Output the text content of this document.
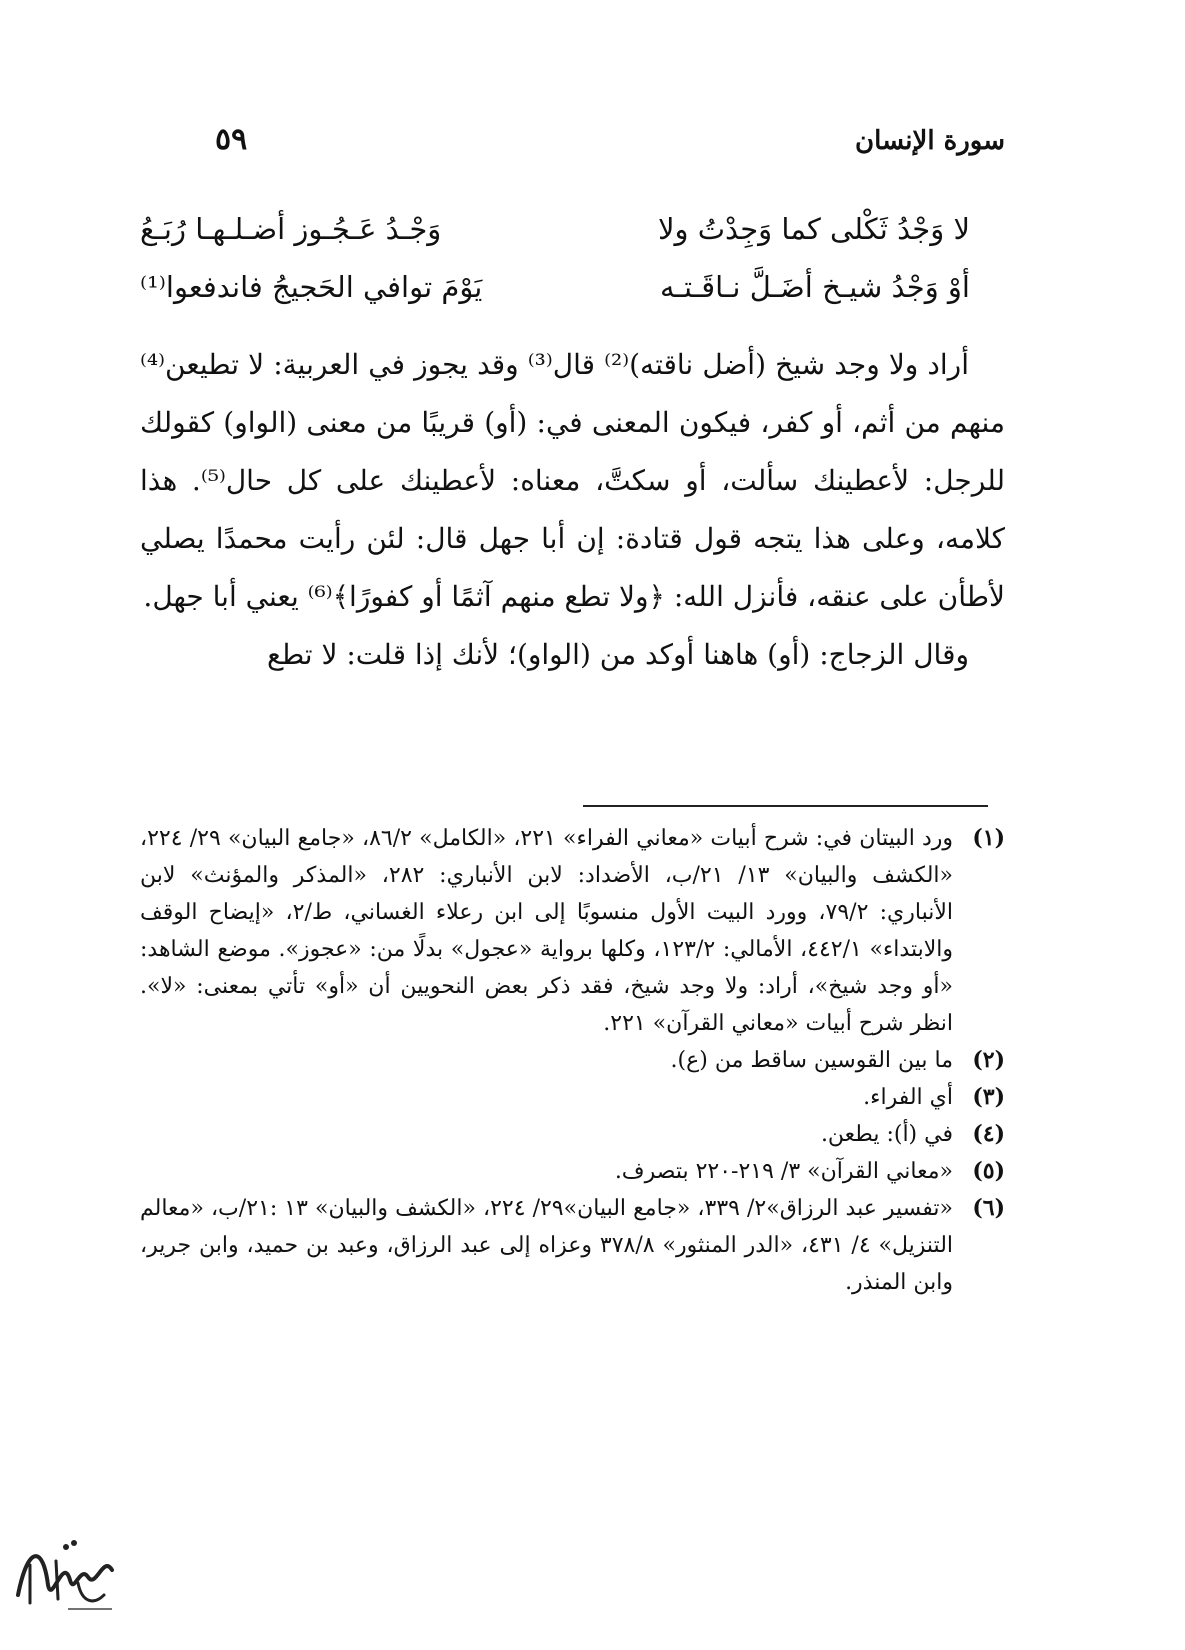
سورة الإنسان
٥٩
لا وَجْدُ ثَكْلى كما وَجِدْتُ ولا
وَجْـدُ عَـجُـوز أضـلـهـا رُبَـعُ
أوْ وَجْدُ شيـخ أضَـلَّ نـاقَـتـه
يَوْمَ توافي الحَجيجُ فاندفعوا⁽¹⁾

أراد ولا وجد شيخ (أضل ناقته)⁽²⁾ قال⁽³⁾ وقد يجوز في العربية: لا تطيعن⁽⁴⁾ منهم من أثم، أو كفر، فيكون المعنى في: (أو) قريبًا من معنى (الواو) كقولك للرجل: لأعطينك سألت، أو سكتَّ، معناه: لأعطينك على كل حال⁽⁵⁾. هذا كلامه، وعلى هذا يتجه قول قتادة: إن أبا جهل قال: لئن رأيت محمدًا يصلي لأطأن على عنقه، فأنزل الله: ﴿ولا تطع منهم آثمًا أو كفورًا﴾⁽⁶⁾ يعني أبا جهل.

وقال الزجاج: (أو) هاهنا أوكد من (الواو)؛ لأنك إذا قلت: لا تطع

(١)
ورد البيتان في: شرح أبيات «معاني الفراء» ٢٢١، «الكامل» ٨٦/٢، «جامع البيان» ٢٩/ ٢٢٤، «الكشف والبيان» ١٣/ ٢١/ب، الأضداد: لابن الأنباري: ٢٨٢، «المذكر والمؤنث» لابن الأنباري: ٧٩/٢، وورد البيت الأول منسوبًا إلى ابن رعلاء الغساني، ط/٢، «إيضاح الوقف والابتداء» ٤٤٢/١، الأمالي: ١٢٣/٢، وكلها برواية «عجول» بدلًا من: «عجوز». موضع الشاهد: «أو وجد شيخ»، أراد: ولا وجد شيخ، فقد ذكر بعض النحويين أن «أو» تأتي بمعنى: «لا». انظر شرح أبيات «معاني القرآن» ٢٢١.
(٢)
ما بين القوسين ساقط من (ع).
(٣)
أي الفراء.
(٤)
في (أ): يطعن.
(٥)
«معاني القرآن» ٣/ ٢١٩-٢٢٠ بتصرف.
(٦)
«تفسير عبد الرزاق»٢/ ٣٣٩، «جامع البيان»٢٩/ ٢٢٤، «الكشف والبيان» ١٣ :٢١/ب، «معالم التنزيل» ٤/ ٤٣١، «الدر المنثور» ٣٧٨/٨ وعزاه إلى عبد الرزاق، وعبد بن حميد، وابن جرير، وابن المنذر.
